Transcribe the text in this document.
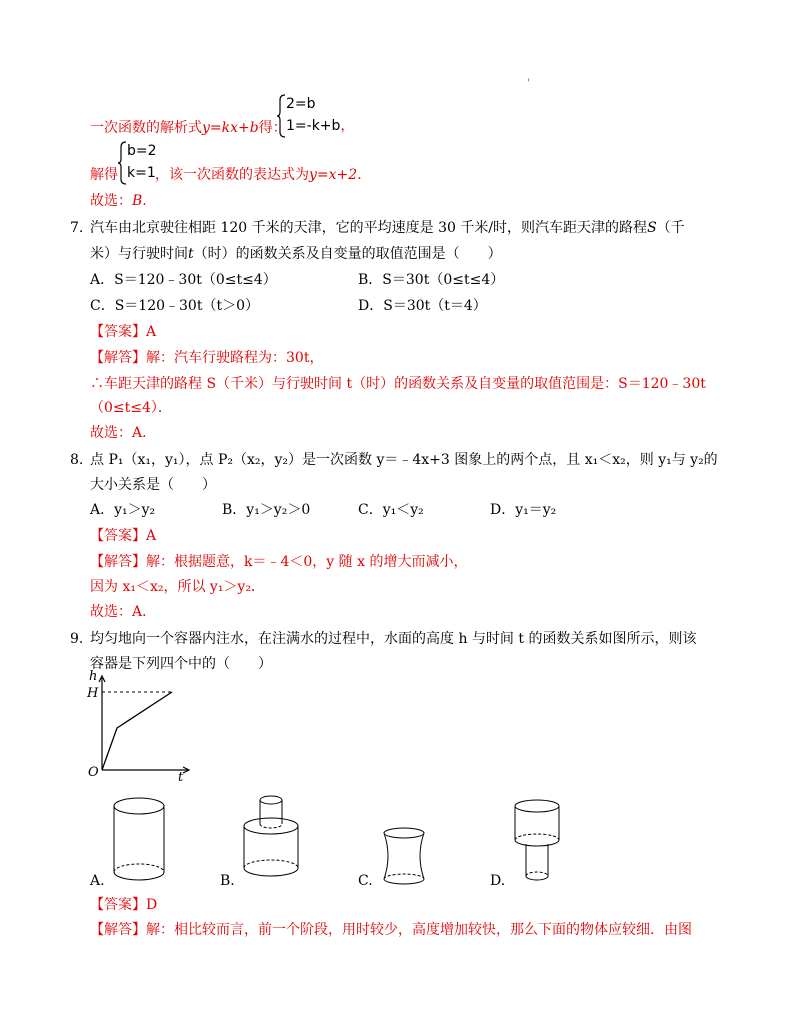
'
一次函数的解析式y=kx+b得：
2=b
1=-k+b，
解得
b=2
k=1 ，该一次函数的表达式为y=x+2.
故选：B.
7. 汽车由北京驶往相距 120 千米的天津，它的平均速度是 30 千米/时，则汽车距天津的路程S（千
米）与行驶时间t（时）的函数关系及自变量的取值范围是（　　）
A．S＝120﹣30t（0≤t≤4）	B．S＝30t（0≤t≤4）
C．S＝120﹣30t（t＞0）	D．S＝30t（t＝4）
【答案】A
【解答】解：汽车行驶路程为：30t，
∴车距天津的路程 S（千米）与行驶时间 t（时）的函数关系及自变量的取值范围是：S＝120﹣30t
（0≤t≤4）．
故选：A．
8. 点 P₁（x₁，y₁），点 P₂（x₂，y₂）是一次函数 y＝﹣4x+3 图象上的两个点，且 x₁＜x₂，则 y₁与 y₂的
大小关系是（　　）
A．y₁＞y₂	B．y₁＞y₂＞0	C．y₁＜y₂	D．y₁＝y₂
【答案】A
【解答】解：根据题意，k＝﹣4＜0，y 随 x 的增大而减小，
因为 x₁＜x₂，所以 y₁＞y₂．
故选：A．
9. 均匀地向一个容器内注水，在注满水的过程中，水面的高度 h 与时间 t 的函数关系如图所示，则该
容器是下列四个中的（　　）
h
H
O	t
A.	B.	C.	D.
【答案】D
【解答】解：相比较而言，前一个阶段，用时较少，高度增加较快，那么下面的物体应较细．由图
